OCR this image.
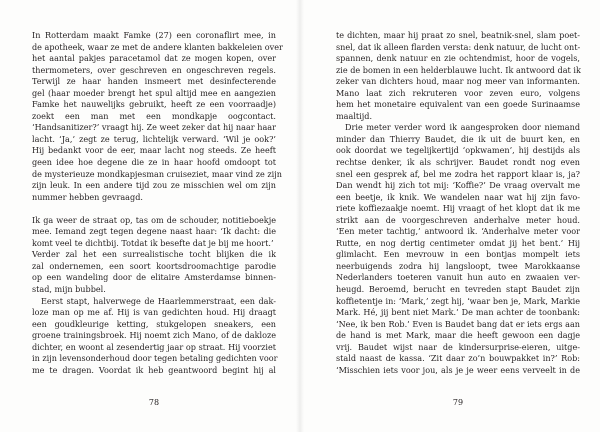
In Rotterdam maakt Famke (27) een coronaflirt mee, in
de apotheek, waar ze met de andere klanten bakkeleien over
het aantal pakjes paracetamol dat ze mogen kopen, over
thermometers, over geschreven en ongeschreven regels.
Terwijl ze haar handen insmeert met desinfecterende
gel (haar moeder brengt het spul altijd mee en aangezien
Famke het nauwelijks gebruikt, heeft ze een voorraadje)
zoekt een man met een mondkapje oogcontact.
‘Handsanitizer?’ vraagt hij. Ze weet zeker dat hij naar haar
lacht. ‘Ja,’ zegt ze terug, lichtelijk verward. ‘Wil je ook?’
Hij bedankt voor de eer, maar lacht nog steeds. Ze heeft
geen idee hoe degene die ze in haar hoofd omdoopt tot
de mysterieuze mondkapjesman cruiseziet, maar vind ze zijn
zijn leuk. In een andere tijd zou ze misschien wel om zijn
nummer hebben gevraagd.
Ik ga weer de straat op, tas om de schouder, notitieboekje
mee. Iemand zegt tegen degene naast haar: ‘Ik dacht: die
komt veel te dichtbij. Totdat ik besefte dat je bij me hoort.’
Verder zal het een surrealistische tocht blijken die ik
zal ondernemen, een soort koortsdroomachtige parodie
op een wandeling door de elitaire Amsterdamse binnen-
stad, mijn bubbel.
Eerst stapt, halverwege de Haarlemmerstraat, een dak-
loze man op me af. Hij is van gedichten houd. Hij draagt
een goudkleurige ketting, stukgelopen sneakers, een
groene trainingsbroek. Hij noemt zich Mano, of de dakloze
dichter, en woont al zesendertig jaar op straat. Hij voorziet
in zijn levensonderhoud door tegen betaling gedichten voor
me te dragen. Voordat ik heb geantwoord begint hij al
78
te dichten, maar hij praat zo snel, beatnik-snel, slam poet-
snel, dat ik alleen flarden versta: denk natuur, de lucht ont-
spannen, denk natuur en zie ochtendmist, hoor de vogels,
zie de bomen in een helderblauwe lucht. Ik antwoord dat ik
zeker van dichters houd, maar nog meer van informanten.
Mano laat zich rekruteren voor zeven euro, volgens
hem het monetaire equivalent van een goede Surinaamse
maaltijd.
Drie meter verder word ik aangesproken door niemand
minder dan Thierry Baudet, die ik uit de buurt ken, en
ook doordat we tegelijkertijd ‘opkwamen’, hij destijds als
rechtse denker, ik als schrijver. Baudet rondt nog even
snel een gesprek af, bel me zodra het rapport klaar is, ja?
Dan wendt hij zich tot mij: ‘Koffie?’ De vraag overvalt me
een beetje, ik knik. We wandelen naar wat hij zijn favo-
riete koffiezaakje noemt. Hij vraagt of het klopt dat ik me
strikt aan de voorgeschreven anderhalve meter houd.
‘Een meter tachtig,’ antwoord ik. ‘Anderhalve meter voor
Rutte, en nog dertig centimeter omdat jij het bent.’ Hij
glimlacht. Een mevrouw in een bontjas mompelt iets
neerbuigends zodra hij langsloopt, twee Marokkaanse
Nederlanders toeteren vanuit hun auto en zwaaien ver-
heugd. Beroemd, berucht en tevreden stapt Baudet zijn
koffietentje in: ‘Mark,’ zegt hij, ‘waar ben je, Mark, Markie
Mark. Hé, jij bent niet Mark.’ De man achter de toonbank:
‘Nee, ik ben Rob.’ Even is Baudet bang dat er iets ergs aan
de hand is met Mark, maar die heeft gewoon een dagje
vrij. Baudet wijst naar de kindersurprise-eieren, uitge-
stald naast de kassa. ‘Zit daar zo’n bouwpakket in?’ Rob:
‘Misschien iets voor jou, als je je weer eens verveelt in de
79
